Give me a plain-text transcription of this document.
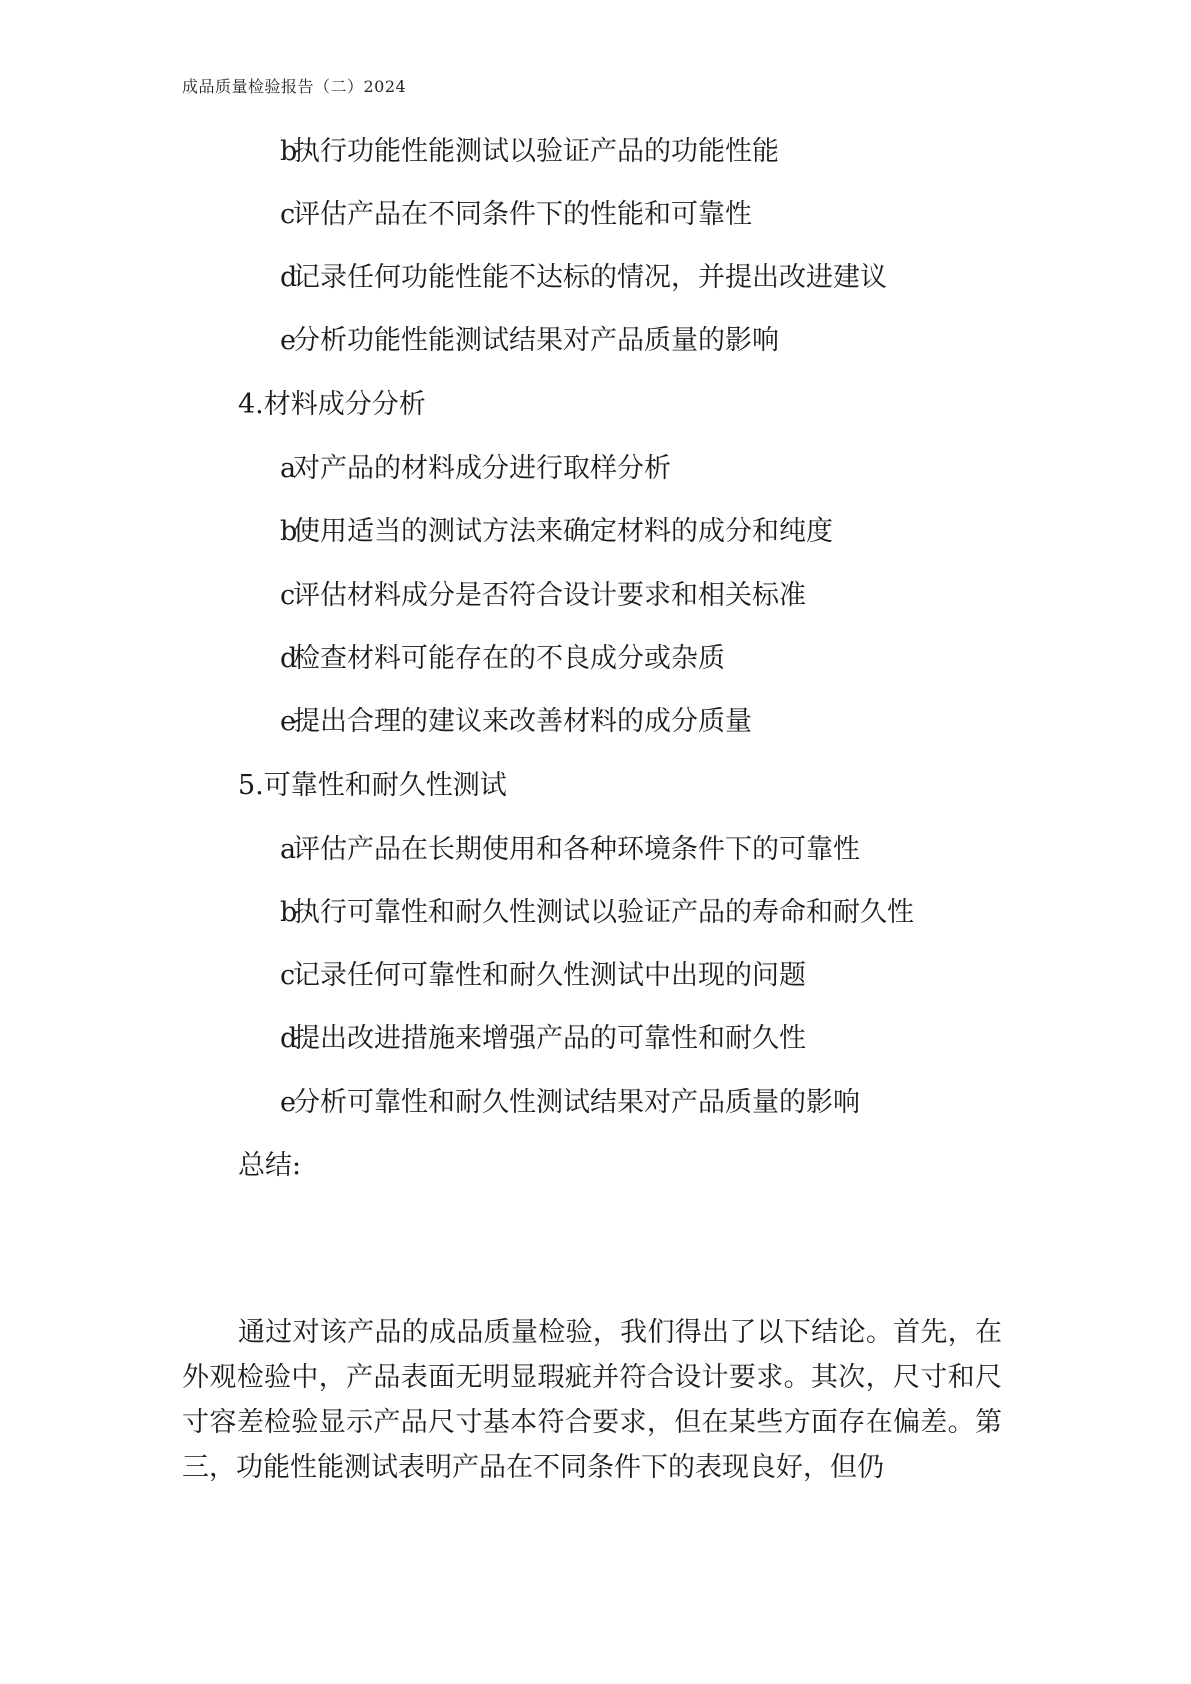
成品质量检验报告（二）2024
b执行功能性能测试以验证产品的功能性能
c评估产品在不同条件下的性能和可靠性
d记录任何功能性能不达标的情况，并提出改进建议
e分析功能性能测试结果对产品质量的影响
4.材料成分分析
a对产品的材料成分进行取样分析
b使用适当的测试方法来确定材料的成分和纯度
c评估材料成分是否符合设计要求和相关标准
d检查材料可能存在的不良成分或杂质
e提出合理的建议来改善材料的成分质量
5.可靠性和耐久性测试
a评估产品在长期使用和各种环境条件下的可靠性
b执行可靠性和耐久性测试以验证产品的寿命和耐久性
c记录任何可靠性和耐久性测试中出现的问题
d提出改进措施来增强产品的可靠性和耐久性
e分析可靠性和耐久性测试结果对产品质量的影响
总结:
通过对该产品的成品质量检验，我们得出了以下结论。首先，在外观检验中，产品表面无明显瑕疵并符合设计要求。其次，尺寸和尺寸容差检验显示产品尺寸基本符合要求，但在某些方面存在偏差。第三，功能性能测试表明产品在不同条件下的表现良好，但仍
